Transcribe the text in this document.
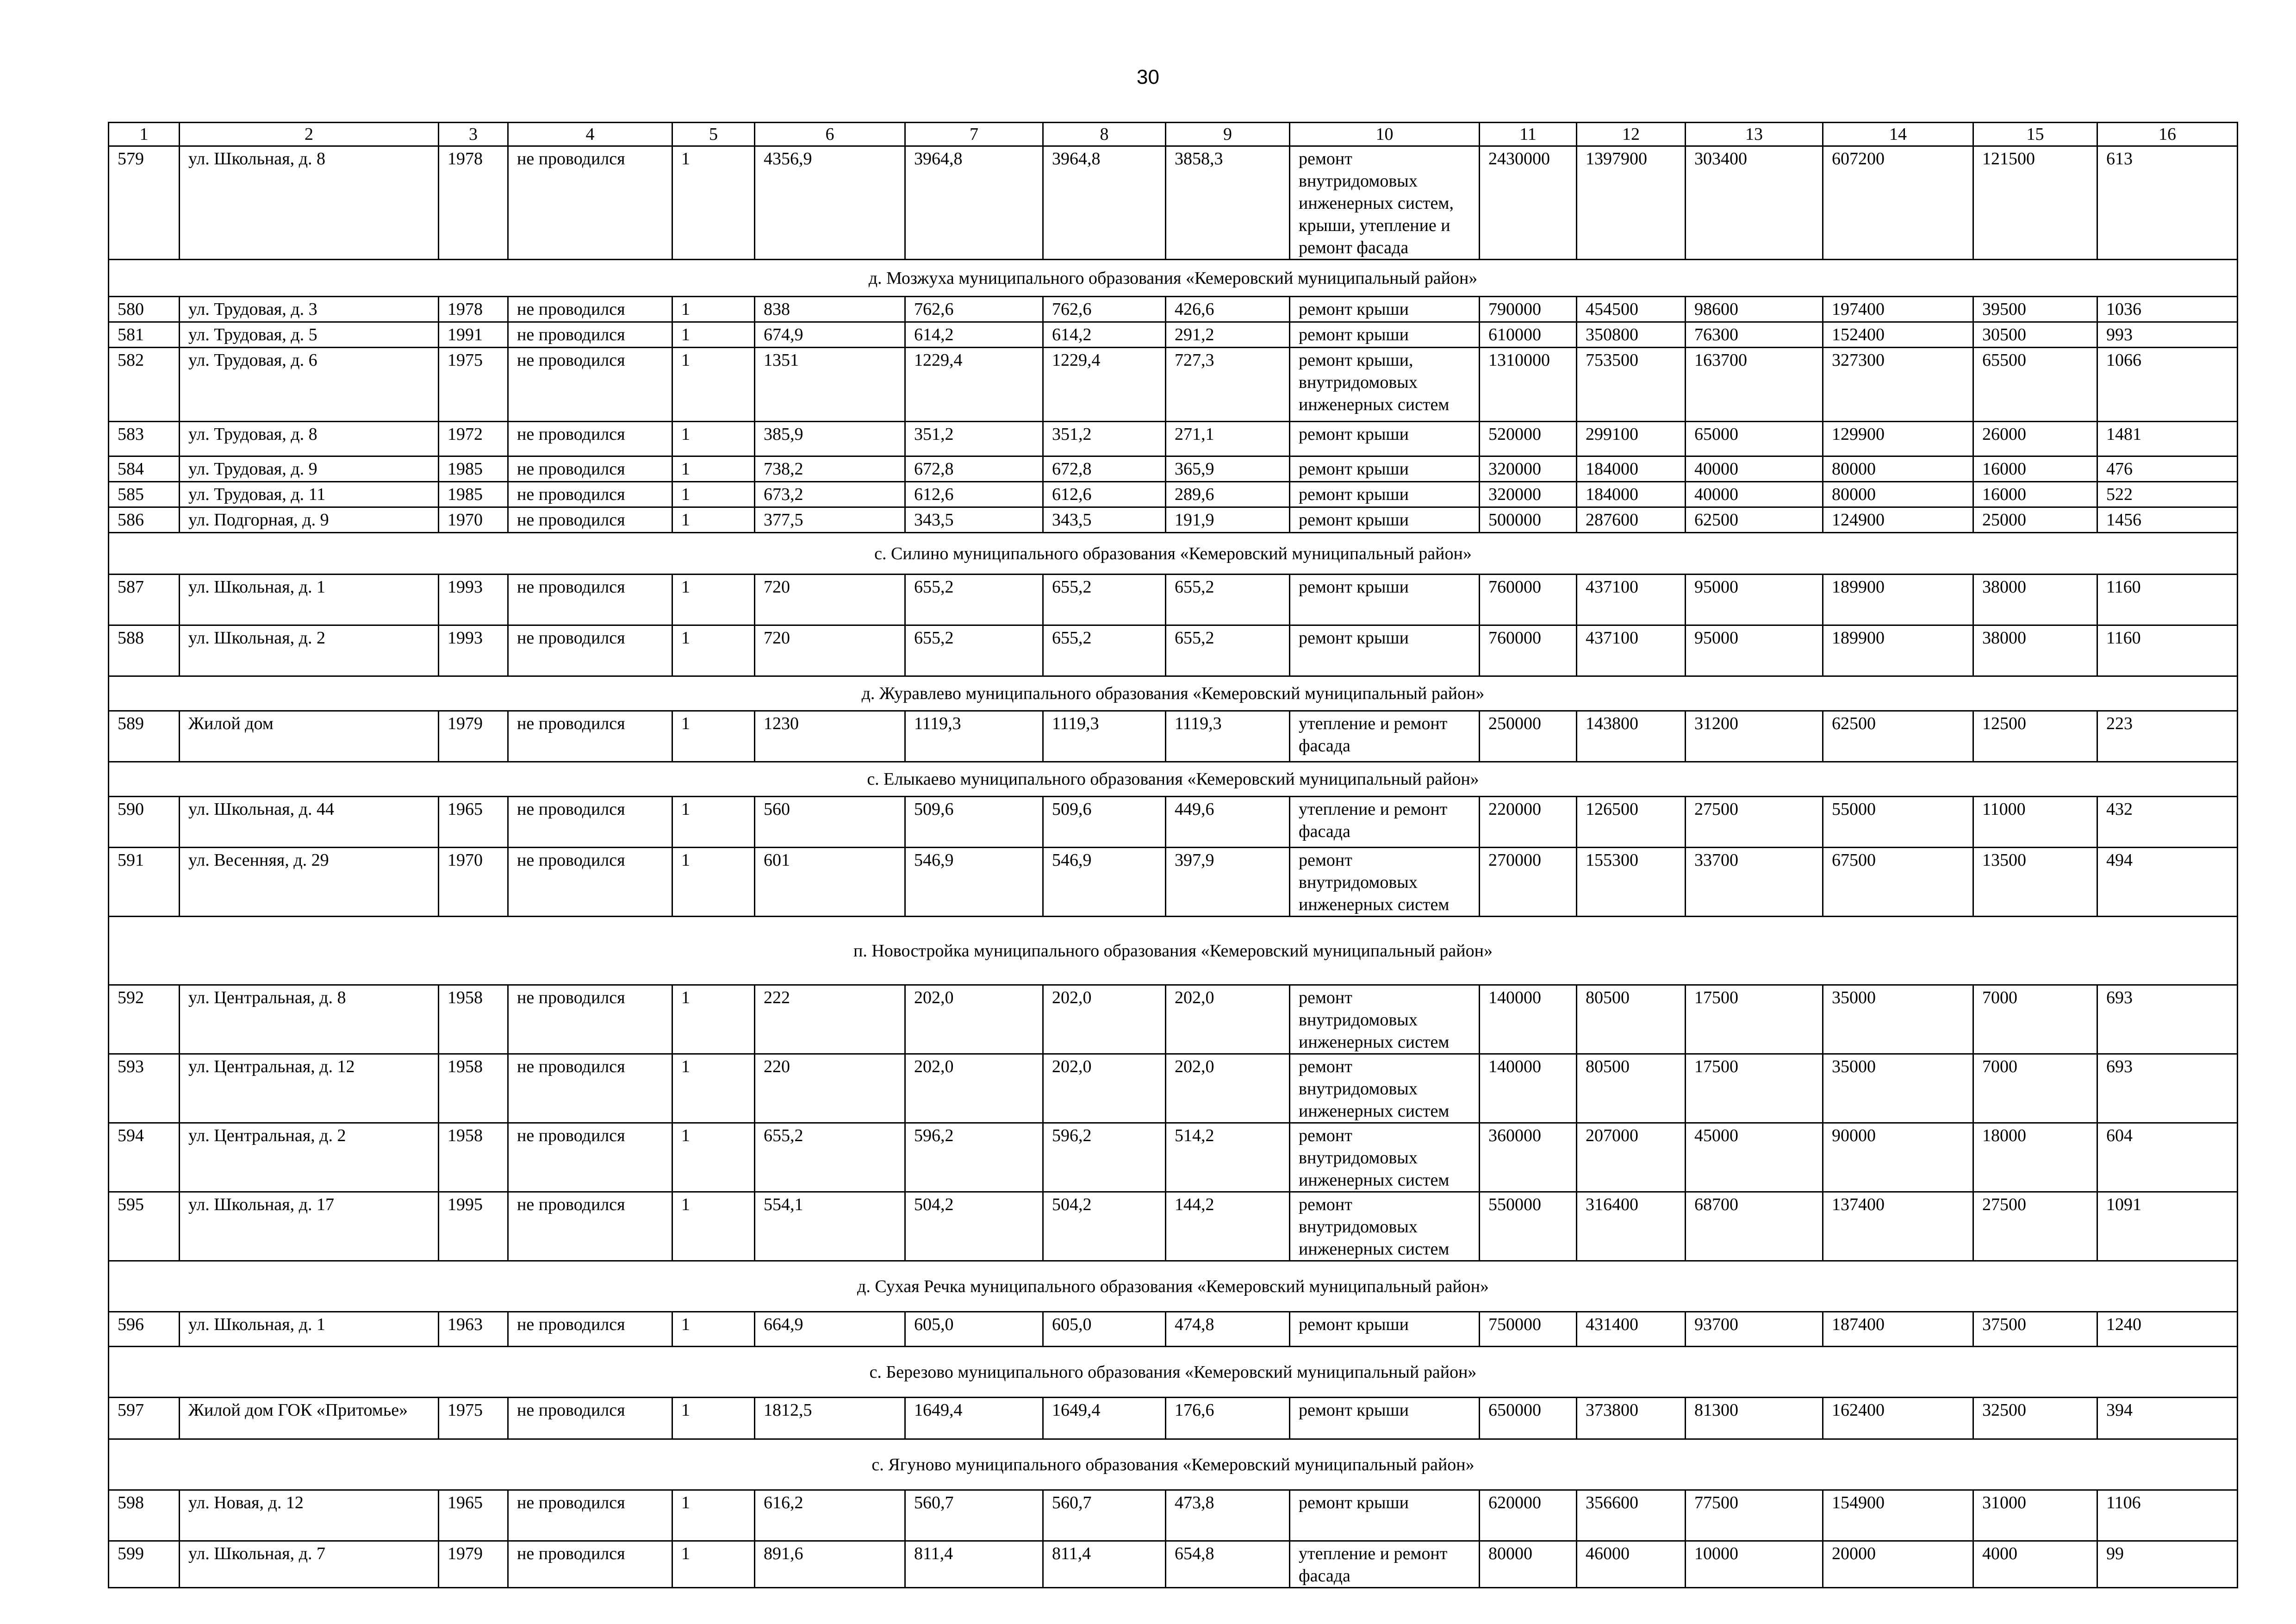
30
1	2	3	4	5	6	7	8	9	10	11	12	13	14	15	16
579	ул. Школьная, д. 8	1978	не проводился	1	4356,9	3964,8	3964,8	3858,3	ремонт внутридомовых инженерных систем, крыши, утепление и ремонт фасада	2430000	1397900	303400	607200	121500	613
д. Мозжуха муниципального образования «Кемеровский муниципальный район»															
580	ул. Трудовая, д. 3	1978	не проводился	1	838	762,6	762,6	426,6	ремонт крыши	790000	454500	98600	197400	39500	1036
581	ул. Трудовая, д. 5	1991	не проводился	1	674,9	614,2	614,2	291,2	ремонт крыши	610000	350800	76300	152400	30500	993
582	ул. Трудовая, д. 6	1975	не проводился	1	1351	1229,4	1229,4	727,3	ремонт крыши, внутридомовых инженерных систем	1310000	753500	163700	327300	65500	1066
583	ул. Трудовая, д. 8	1972	не проводился	1	385,9	351,2	351,2	271,1	ремонт крыши	520000	299100	65000	129900	26000	1481
584	ул. Трудовая, д. 9	1985	не проводился	1	738,2	672,8	672,8	365,9	ремонт крыши	320000	184000	40000	80000	16000	476
585	ул. Трудовая, д. 11	1985	не проводился	1	673,2	612,6	612,6	289,6	ремонт крыши	320000	184000	40000	80000	16000	522
586	ул. Подгорная, д. 9	1970	не проводился	1	377,5	343,5	343,5	191,9	ремонт крыши	500000	287600	62500	124900	25000	1456
с. Силино муниципального образования «Кемеровский муниципальный район»															
587	ул. Школьная, д. 1	1993	не проводился	1	720	655,2	655,2	655,2	ремонт крыши	760000	437100	95000	189900	38000	1160
588	ул. Школьная, д. 2	1993	не проводился	1	720	655,2	655,2	655,2	ремонт крыши	760000	437100	95000	189900	38000	1160
д. Журавлево муниципального образования «Кемеровский муниципальный район»															
589	Жилой дом	1979	не проводился	1	1230	1119,3	1119,3	1119,3	утепление и ремонт фасада	250000	143800	31200	62500	12500	223
с. Елыкаево муниципального образования «Кемеровский муниципальный район»															
590	ул. Школьная, д. 44	1965	не проводился	1	560	509,6	509,6	449,6	утепление и ремонт фасада	220000	126500	27500	55000	11000	432
591	ул. Весенняя, д. 29	1970	не проводился	1	601	546,9	546,9	397,9	ремонт внутридомовых инженерных систем	270000	155300	33700	67500	13500	494
п. Новостройка муниципального образования «Кемеровский муниципальный район»															
592	ул. Центральная, д. 8	1958	не проводился	1	222	202,0	202,0	202,0	ремонт внутридомовых инженерных систем	140000	80500	17500	35000	7000	693
593	ул. Центральная, д. 12	1958	не проводился	1	220	202,0	202,0	202,0	ремонт внутридомовых инженерных систем	140000	80500	17500	35000	7000	693
594	ул. Центральная, д. 2	1958	не проводился	1	655,2	596,2	596,2	514,2	ремонт внутридомовых инженерных систем	360000	207000	45000	90000	18000	604
595	ул. Школьная, д. 17	1995	не проводился	1	554,1	504,2	504,2	144,2	ремонт внутридомовых инженерных систем	550000	316400	68700	137400	27500	1091
д. Сухая Речка муниципального образования «Кемеровский муниципальный район»															
596	ул. Школьная, д. 1	1963	не проводился	1	664,9	605,0	605,0	474,8	ремонт крыши	750000	431400	93700	187400	37500	1240
с. Березово муниципального образования «Кемеровский муниципальный район»															
597	Жилой дом ГОК «Притомье»	1975	не проводился	1	1812,5	1649,4	1649,4	176,6	ремонт крыши	650000	373800	81300	162400	32500	394
с. Ягуново муниципального образования «Кемеровский муниципальный район»															
598	ул. Новая, д. 12	1965	не проводился	1	616,2	560,7	560,7	473,8	ремонт крыши	620000	356600	77500	154900	31000	1106
599	ул. Школьная, д. 7	1979	не проводился	1	891,6	811,4	811,4	654,8	утепление и ремонт фасада	80000	46000	10000	20000	4000	99
